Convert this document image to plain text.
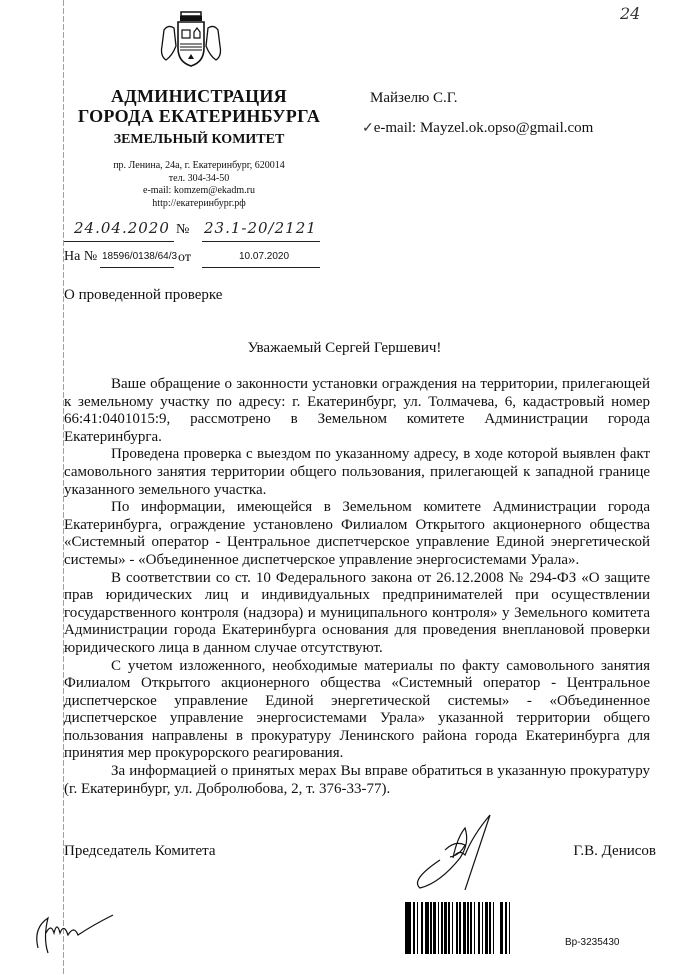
24
АДМИНИСТРАЦИЯ
ГОРОДА ЕКАТЕРИНБУРГА
ЗЕМЕЛЬНЫЙ КОМИТЕТ
пр. Ленина, 24а, г. Екатеринбург, 620014
тел. 304-34-50
e-mail: komzem@ekadm.ru
http://екатеринбург.рф
Майзелю С.Г.
✓e-mail: Mayzel.ok.opso@gmail.com
24.04.2020 № 23.1-20/2121
На № 18596/0138/64/3 от	10.07.2020
О проведенной проверке
Уважаемый Сергей Гершевич!

Ваше обращение о законности установки ограждения на территории, прилегающей к земельному участку по адресу: г. Екатеринбург, ул. Толмачева, 6, кадастровый номер 66:41:0401015:9, рассмотрено в Земельном комитете Администрации города Екатеринбурга.

Проведена проверка с выездом по указанному адресу, в ходе которой выявлен факт самовольного занятия территории общего пользования, прилегающей к западной границе указанного земельного участка.

По информации, имеющейся в Земельном комитете Администрации города Екатеринбурга, ограждение установлено Филиалом Открытого акционерного общества «Системный оператор - Центральное диспетчерское управление Единой энергетической системы» - «Объединенное диспетчерское управление энергосистемами Урала».

В соответствии со ст. 10 Федерального закона от 26.12.2008 № 294-ФЗ «О защите прав юридических лиц и индивидуальных предпринимателей при осуществлении государственного контроля (надзора) и муниципального контроля» у Земельного комитета Администрации города Екатеринбурга основания для проведения внеплановой проверки юридического лица в данном случае отсутствуют.

С учетом изложенного, необходимые материалы по факту самовольного занятия Филиалом Открытого акционерного общества «Системный оператор - Центральное диспетчерское управление Единой энергетической системы» - «Объединенное диспетчерское управление энергосистемами Урала» указанной территории общего пользования направлены в прокуратуру Ленинского района города Екатеринбурга для принятия мер прокурорского реагирования.

За информацией о принятых мерах Вы вправе обратиться в указанную прокуратуру (г. Екатеринбург, ул. Добролюбова, 2, т. 376-33-77).

Председатель Комитета	Г.В. Денисов
Вр-3235430
